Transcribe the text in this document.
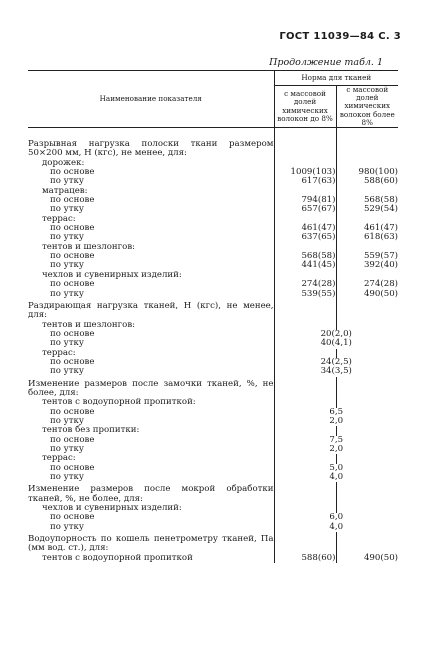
ГОСТ 11039—84 С. 3
Продолжение табл. 1
Наименование показателя	Норма для тканей	
	с массовой долей химических волокон до 8%	с массовой долей химических волокон более 8%

Разрывная нагрузка полоски ткани размером 50×200 мм, Н (кгс), не менее, для:		
дорожек:		
по основе	1009(103)	980(100)
по утку	617(63)	588(60)
матрацев:		
по основе	794(81)	568(58)
по утку	657(67)	529(54)
террас:		
по основе	461(47)	461(47)
по утку	637(65)	618(63)
тентов и шезлонгов:		
по основе	568(58)	559(57)
по утку	441(45)	392(40)
чехлов и сувенирных изделий:		
по основе	274(28)	274(28)
по утку	539(55)	490(50)
Раздирающая нагрузка тканей, Н (кгс), не менее, для:		
тентов и шезлонгов:		
по основе	20(2,0)	
по утку	40(4,1)	
террас:		
по основе	24(2,5)	
по утку	34(3,5)	
Изменение размеров после замочки тканей, %, не более, для:		
тентов с водоупорной пропиткой:		
по основе	6,5	
по утку	2,0	
тентов без пропитки:		
по основе	7,5	
по утку	2,0	
террас:		
по основе	5,0	
по утку	4,0	
Изменение размеров после мокрой обработки тканей, %, не более, для:		
чехлов и сувенирных изделий:		
по основе	6,0	
по утку	4,0	
Водоупорность по кошель пенетрометру тканей, Па (мм вод. ст.), для:		
тентов с водоупорной пропиткой	588(60)	490(50)
